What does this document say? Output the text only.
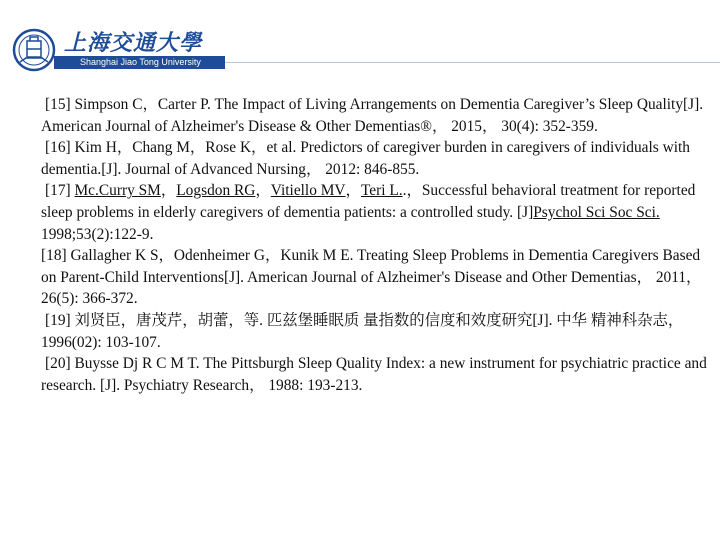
上海交通大學
Shanghai Jiao Tong University

[15] Simpson C，Carter P. The Impact of Living Arrangements on Dementia Caregiver’s Sleep Quality[J]. American Journal of Alzheimer's Disease & Other Dementias®， 2015， 30(4): 352-359.

[16] Kim H，Chang M，Rose K，et al. Predictors of caregiver burden in caregivers of individuals with dementia.[J]. Journal of Advanced Nursing， 2012: 846-855.

[17] Mc.Curry SM，Logsdon RG，Vitiello MV，Teri L..，Successful behavioral treatment for reported sleep problems in elderly caregivers of dementia patients: a controlled study. [J]Psychol Sci Soc Sci. 1998;53(2):122-9.

[18] Gallagher K S，Odenheimer G，Kunik M E. Treating Sleep Problems in Dementia Caregivers Based on Parent-Child Interventions[J]. American Journal of Alzheimer's Disease and Other Dementias， 2011， 26(5): 366-372.

[19] 刘贤臣，唐茂芹，胡蕾，等. 匹兹堡睡眠质 量指数的信度和效度研究[J]. 中华 精神科杂志， 1996(02): 103-107.

[20] Buysse Dj R C M T. The Pittsburgh Sleep Quality Index: a new instrument for psychiatric practice and research. [J]. Psychiatry Research， 1988: 193-213.
